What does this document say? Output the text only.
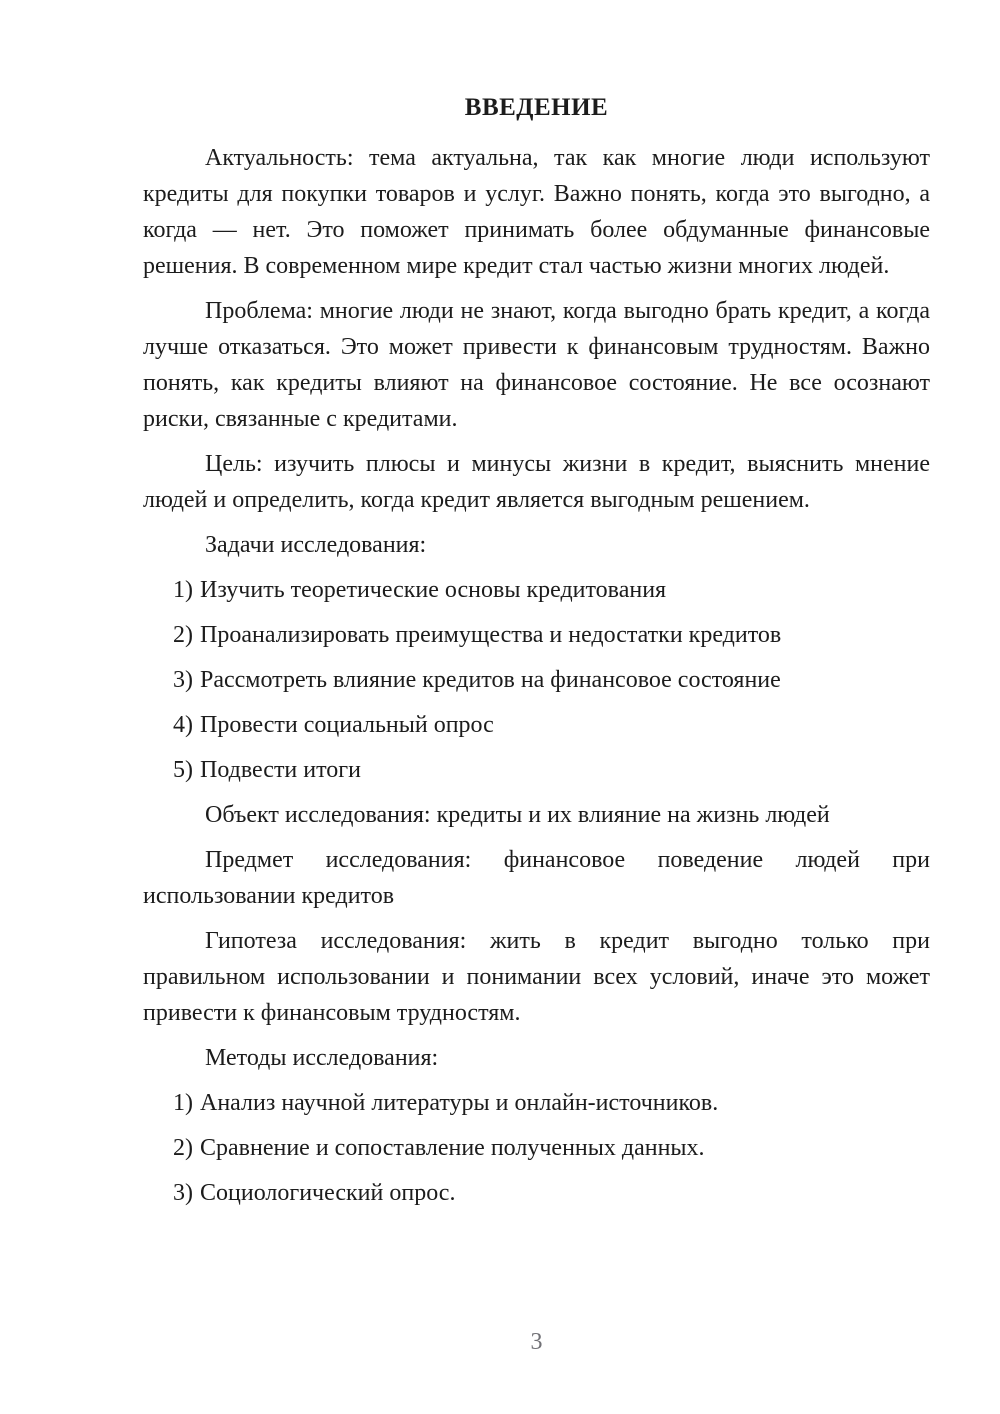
ВВЕДЕНИЕ

Актуальность: тема актуальна, так как многие люди используют кредиты для покупки товаров и услуг. Важно понять, когда это выгодно, а когда — нет. Это поможет принимать более обдуманные финансовые решения. В современном мире кредит стал частью жизни многих людей.

Проблема: многие люди не знают, когда выгодно брать кредит, а когда лучше отказаться. Это может привести к финансовым трудностям. Важно понять, как кредиты влияют на финансовое состояние. Не все осознают риски, связанные с кредитами.

Цель: изучить плюсы и минусы жизни в кредит, выяснить мнение людей и определить, когда кредит является выгодным решением.

Задачи исследования:

1) Изучить теоретические основы кредитования
2) Проанализировать преимущества и недостатки кредитов
3) Рассмотреть влияние кредитов на финансовое состояние
4) Провести социальный опрос
5) Подвести итоги

Объект исследования: кредиты и их влияние на жизнь людей

Предмет исследования: финансовое поведение людей при использовании кредитов

Гипотеза исследования: жить в кредит выгодно только при правильном использовании и понимании всех условий, иначе это может привести к финансовым трудностям.

Методы исследования:

1) Анализ научной литературы и онлайн-источников.
2) Сравнение и сопоставление полученных данных.
3) Социологический опрос.
3
